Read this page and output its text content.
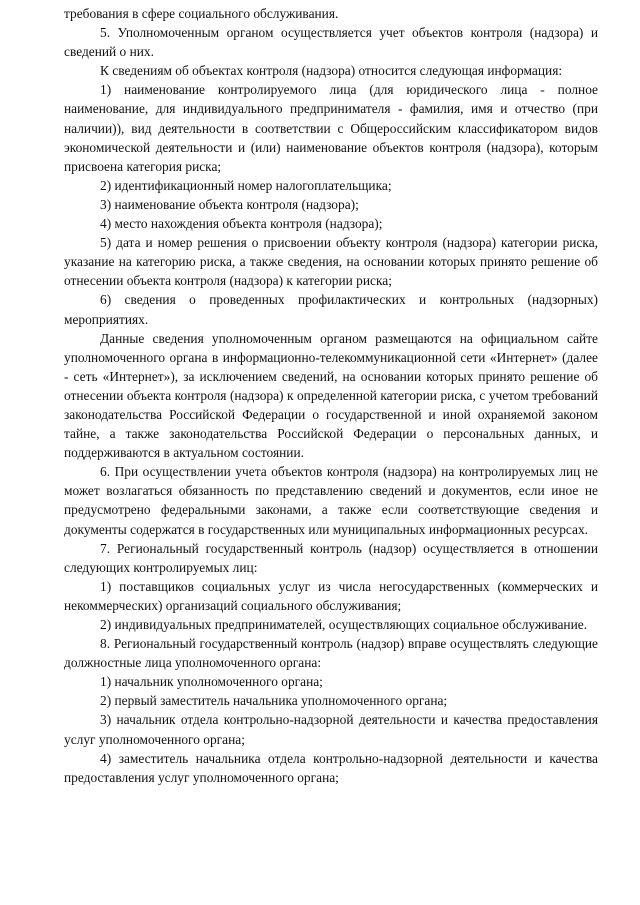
требования в сфере социального обслуживания.

5. Уполномоченным органом осуществляется учет объектов контроля (надзора) и сведений о них.

К сведениям об объектах контроля (надзора) относится следующая информация:

1) наименование контролируемого лица (для юридического лица - полное наименование, для индивидуального предпринимателя - фамилия, имя и отчество (при наличии)), вид деятельности в соответствии с Общероссийским классификатором видов экономической деятельности и (или) наименование объектов контроля (надзора), которым присвоена категория риска;

2) идентификационный номер налогоплательщика;

3) наименование объекта контроля (надзора);

4) место нахождения объекта контроля (надзора);

5) дата и номер решения о присвоении объекту контроля (надзора) категории риска, указание на категорию риска, а также сведения, на основании которых принято решение об отнесении объекта контроля (надзора) к категории риска;

6) сведения о проведенных профилактических и контрольных (надзорных) мероприятиях.

Данные сведения уполномоченным органом размещаются на официальном сайте уполномоченного органа в информационно-телекоммуникационной сети «Интернет» (далее - сеть «Интернет»), за исключением сведений, на основании которых принято решение об отнесении объекта контроля (надзора) к определенной категории риска, с учетом требований законодательства Российской Федерации о государственной и иной охраняемой законом тайне, а также законодательства Российской Федерации о персональных данных, и поддерживаются в актуальном состоянии.

6. При осуществлении учета объектов контроля (надзора) на контролируемых лиц не может возлагаться обязанность по представлению сведений и документов, если иное не предусмотрено федеральными законами, а также если соответствующие сведения и документы содержатся в государственных или муниципальных информационных ресурсах.

7. Региональный государственный контроль (надзор) осуществляется в отношении следующих контролируемых лиц:

1) поставщиков социальных услуг из числа негосударственных (коммерческих и некоммерческих) организаций социального обслуживания;

2) индивидуальных предпринимателей, осуществляющих социальное обслуживание.

8. Региональный государственный контроль (надзор) вправе осуществлять следующие должностные лица уполномоченного органа:

1) начальник уполномоченного органа;

2) первый заместитель начальника уполномоченного органа;

3) начальник отдела контрольно-надзорной деятельности и качества предоставления услуг уполномоченного органа;

4) заместитель начальника отдела контрольно-надзорной деятельности и качества предоставления услуг уполномоченного органа;
